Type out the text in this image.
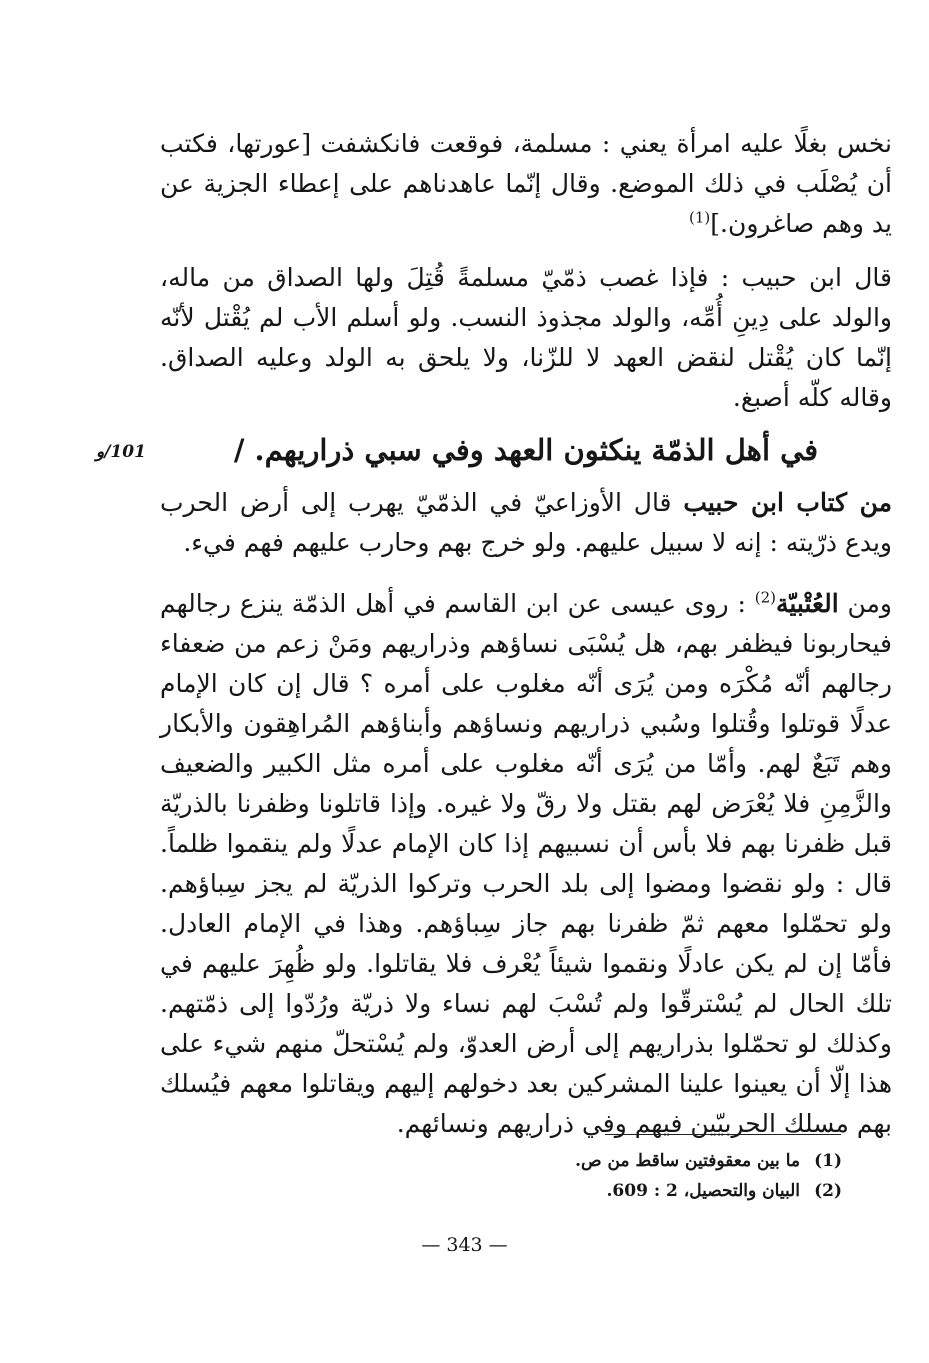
نخس بغلًا عليه امرأة يعني : مسلمة، فوقعت فانكشفت [عورتها، فكتب أن يُصْلَب في ذلك الموضع. وقال إنّما عاهدناهم على إعطاء الجزية عن يد وهم صاغرون.]$^{(1)}$

قال ابن حبيب : فإذا غصب ذمّيّ مسلمةً قُتِلَ ولها الصداق من ماله، والولد على دِينِ أُمِّه، والولد مجذوذ النسب. ولو أسلم الأب لم يُقْتل لأنّه إنّما كان يُقْتل لنقض العهد لا للزّنا، ولا يلحق به الولد وعليه الصداق. وقاله كلّه أصبغ.

في أهل الذمّة ينكثون العهد وفي سبي ذراريهم. /
101/و

من كتاب ابن حبيب قال الأوزاعيّ في الذمّيّ يهرب إلى أرض الحرب ويدع ذرّيته : إنه لا سبيل عليهم. ولو خرج بهم وحارب عليهم فهم فيء.

ومن العُتْبيّة$^{(2)}$ : روى عيسى عن ابن القاسم في أهل الذمّة ينزع رجالهم فيحاربونا فيظفر بهم، هل يُسْبَى نساؤهم وذراريهم ومَنْ زعم من ضعفاء رجالهم أنّه مُكْرَه ومن يُرَى أنّه مغلوب على أمره ؟ قال إن كان الإمام عدلًا قوتلوا وقُتلوا وسُبي ذراريهم ونساؤهم وأبناؤهم المُراهِقون والأبكار وهم تَبَعٌ لهم. وأمّا من يُرَى أنّه مغلوب على أمره مثل الكبير والضعيف والزَّمِنِ فلا يُعْرَض لهم بقتل ولا رقّ ولا غيره. وإذا قاتلونا وظفرنا بالذريّة قبل ظفرنا بهم فلا بأس أن نسبيهم إذا كان الإمام عدلًا ولم ينقموا ظلماً. قال : ولو نقضوا ومضوا إلى بلد الحرب وتركوا الذريّة لم يجز سِباؤهم. ولو تحمّلوا معهم ثمّ ظفرنا بهم جاز سِباؤهم. وهذا في الإمام العادل. فأمّا إن لم يكن عادلًا ونقموا شيئاً يُعْرف فلا يقاتلوا. ولو ظُهِرَ عليهم في تلك الحال لم يُسْترقّوا ولم تُسْبَ لهم نساء ولا ذريّة ورُدّوا إلى ذمّتهم. وكذلك لو تحمّلوا بذراريهم إلى أرض العدوّ، ولم يُسْتحلّ منهم شيء على هذا إلّا أن يعينوا علينا المشركين بعد دخولهم إليهم ويقاتلوا معهم فيُسلك بهم مسلك الحربيّين فيهم وفي ذراريهم ونسائهم.

(1)ما بين معقوفتين ساقط من ص.
(2)البيان والتحصيل، 2 : 609.
— 343 —
